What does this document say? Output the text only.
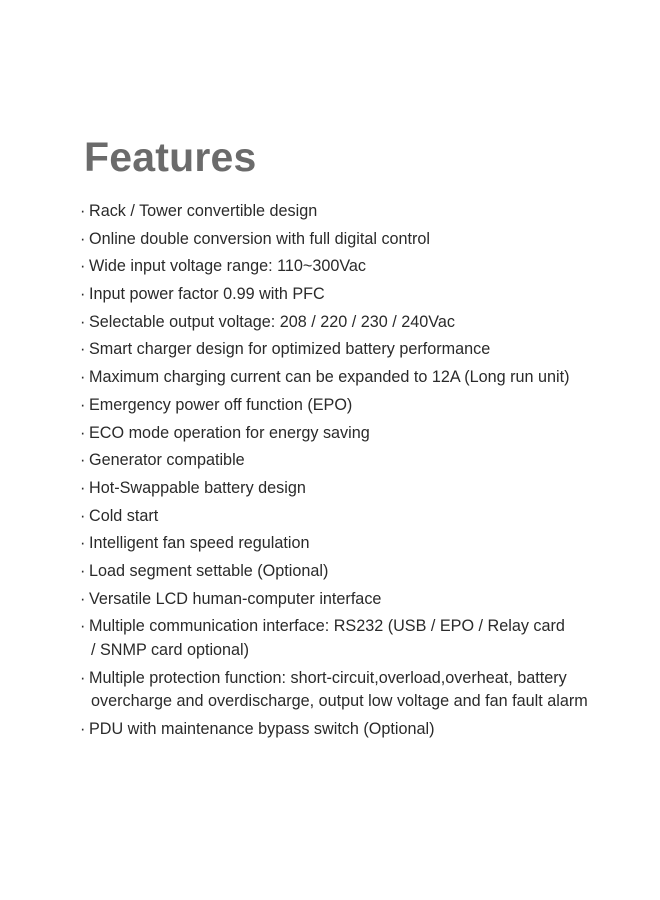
Features
· Rack / Tower convertible design
· Online double conversion with full digital control
· Wide input voltage range: 110~300Vac
· Input power factor 0.99 with PFC
· Selectable output voltage: 208 / 220 / 230 / 240Vac
· Smart charger design for optimized battery performance
· Maximum charging current can be expanded to 12A (Long run unit)
· Emergency power off function (EPO)
· ECO mode operation for energy saving
· Generator compatible
· Hot-Swappable battery design
· Cold start
· Intelligent fan speed regulation
· Load segment settable (Optional)
· Versatile LCD human-computer interface
· Multiple communication interface: RS232 (USB / EPO / Relay card
/ SNMP card optional)
· Multiple protection function: short-circuit,overload,overheat, battery
overcharge and overdischarge, output low voltage and fan fault alarm
· PDU with maintenance bypass switch (Optional)
